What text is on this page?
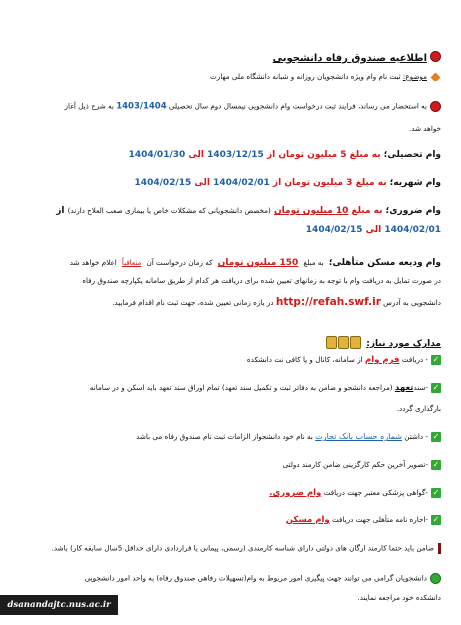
اطلاعیه صندوق رفاه دانشجویی
موضوع: ثبت نام وام ویژه دانشجویان روزانه و شبانه دانشگاه ملی مهارت
به استحضار می رساند، فرایند ثبت درخواست وام دانشجویی نیمسال دوم سال تحصیلی 1403/1404 به شرح ذیل آغاز
خواهد شد.
وام تحصیلی؛ به مبلغ 5 میلیون تومان از 1403/12/15 الی 1404/01/30
وام شهریه؛ به مبلغ 3 میلیون تومان از 1404/02/01 الی 1404/02/15
وام ضروری؛ به مبلغ 10 میلیون تومان (مخصص دانشجویانی که مشکلات خاص یا بیماری صعب العلاج دارند) از
1404/02/01 الی 1404/02/15
وام ودیعه مسکن متأهلی؛ به مبلغ 150 میلیون تومان که زمان درخواست آن متعاقباً اعلام خواهد شد
در صورت تمایل به دریافت وام با توجه به زمانهای تعیین شده برای دریافت هر کدام از طریق سامانه یکپارچه صندوق رفاه
دانشجویی به آدرس http://refah.swf.ir در بازه زمانی تعیین شده، جهت ثبت نام اقدام فرمایید.
مدارک مورد نیاز:
✓- دریافت فرم وام از سامانه، کانال و یا کافی نت دانشکده
✓-سندتعهد (مراجعه دانشجو و ضامن به دفاتر ثبت و تکمیل سند تعهد) تمام اوراق سند تعهد باید اسکن و در سامانه
بارگذاری گردد.
✓- داشتن شماره حساب بانک تجارت به نام خود دانشجواز الزامات ثبت نام صندوق رفاه می باشد
✓-تصویر آخرین حکم کارگزینی ضامن کارمند دولتی
✓-گواهی پزشکی معتبر جهت دریافت وام ضروری.
✓-اجاره نامه متأهلی جهت دریافت وام مسکن
ضامن باید حتما کارمند ارگان های دولتی دارای شناسه کارمندی (رسمی، پیمانی یا قراردادی دارای حداقل 5سال سابقه کار) باشد.
دانشجویان گرامی می توانند جهت پیگیری امور مربوط به وام(تسهیلات رفاهی صندوق رفاه) به واحد امور دانشجویی
دانشکده خود مراجعه نمایند.
dsanandajtc.nus.ac.ir
